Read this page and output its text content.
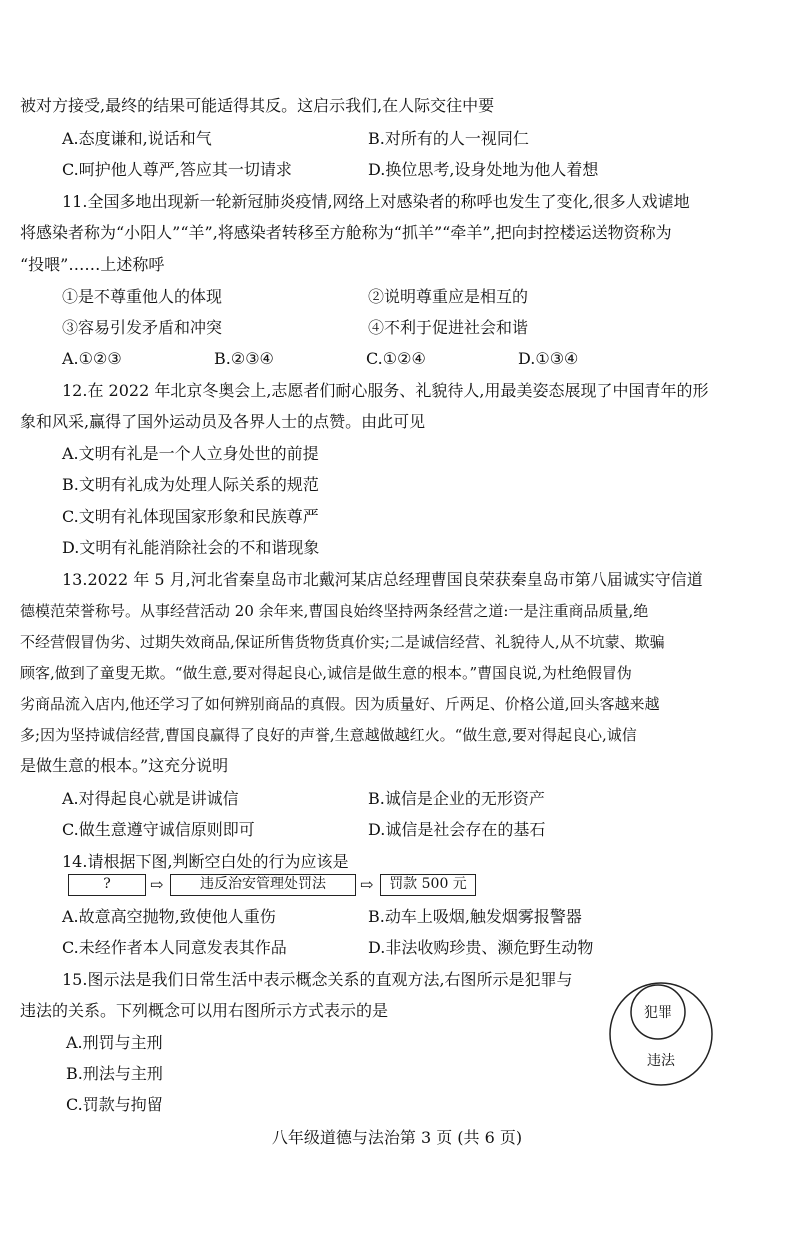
被对方接受,最终的结果可能适得其反。这启示我们,在人际交往中要
A.态度谦和,说话和气	B.对所有的人一视同仁
C.呵护他人尊严,答应其一切请求	D.换位思考,设身处地为他人着想
11.全国多地出现新一轮新冠肺炎疫情,网络上对感染者的称呼也发生了变化,很多人戏谑地
将感染者称为“小阳人”“羊”,将感染者转移至方舱称为“抓羊”“牵羊”,把向封控楼运送物资称为
“投喂”……上述称呼
①是不尊重他人的体现	②说明尊重应是相互的
③容易引发矛盾和冲突	④不利于促进社会和谐
A.①②③	B.②③④	C.①②④	D.①③④
12.在 2022 年北京冬奥会上,志愿者们耐心服务、礼貌待人,用最美姿态展现了中国青年的形
象和风采,赢得了国外运动员及各界人士的点赞。由此可见
A.文明有礼是一个人立身处世的前提
B.文明有礼成为处理人际关系的规范
C.文明有礼体现国家形象和民族尊严
D.文明有礼能消除社会的不和谐现象
13.2022 年 5 月,河北省秦皇岛市北戴河某店总经理曹国良荣获秦皇岛市第八届诚实守信道
德模范荣誉称号。从事经营活动 20 余年来,曹国良始终坚持两条经营之道:一是注重商品质量,绝
不经营假冒伪劣、过期失效商品,保证所售货物货真价实;二是诚信经营、礼貌待人,从不坑蒙、欺骗
顾客,做到了童叟无欺。“做生意,要对得起良心,诚信是做生意的根本。”曹国良说,为杜绝假冒伪
劣商品流入店内,他还学习了如何辨别商品的真假。因为质量好、斤两足、价格公道,回头客越来越
多;因为坚持诚信经营,曹国良赢得了良好的声誉,生意越做越红火。“做生意,要对得起良心,诚信
是做生意的根本。”这充分说明
A.对得起良心就是讲诚信	B.诚信是企业的无形资产
C.做生意遵守诚信原则即可	D.诚信是社会存在的基石
14.请根据下图,判断空白处的行为应该是
?	⇨	违反治安管理处罚法	⇨	罚款 500 元
A.故意高空抛物,致使他人重伤	B.动车上吸烟,触发烟雾报警器
C.未经作者本人同意发表其作品	D.非法收购珍贵、濒危野生动物
15.图示法是我们日常生活中表示概念关系的直观方法,右图所示是犯罪与
违法的关系。下列概念可以用右图所示方式表示的是
A.刑罚与主刑
B.刑法与主刑
C.罚款与拘留
犯罪
违法
八年级道德与法治第 3 页 (共 6 页)
